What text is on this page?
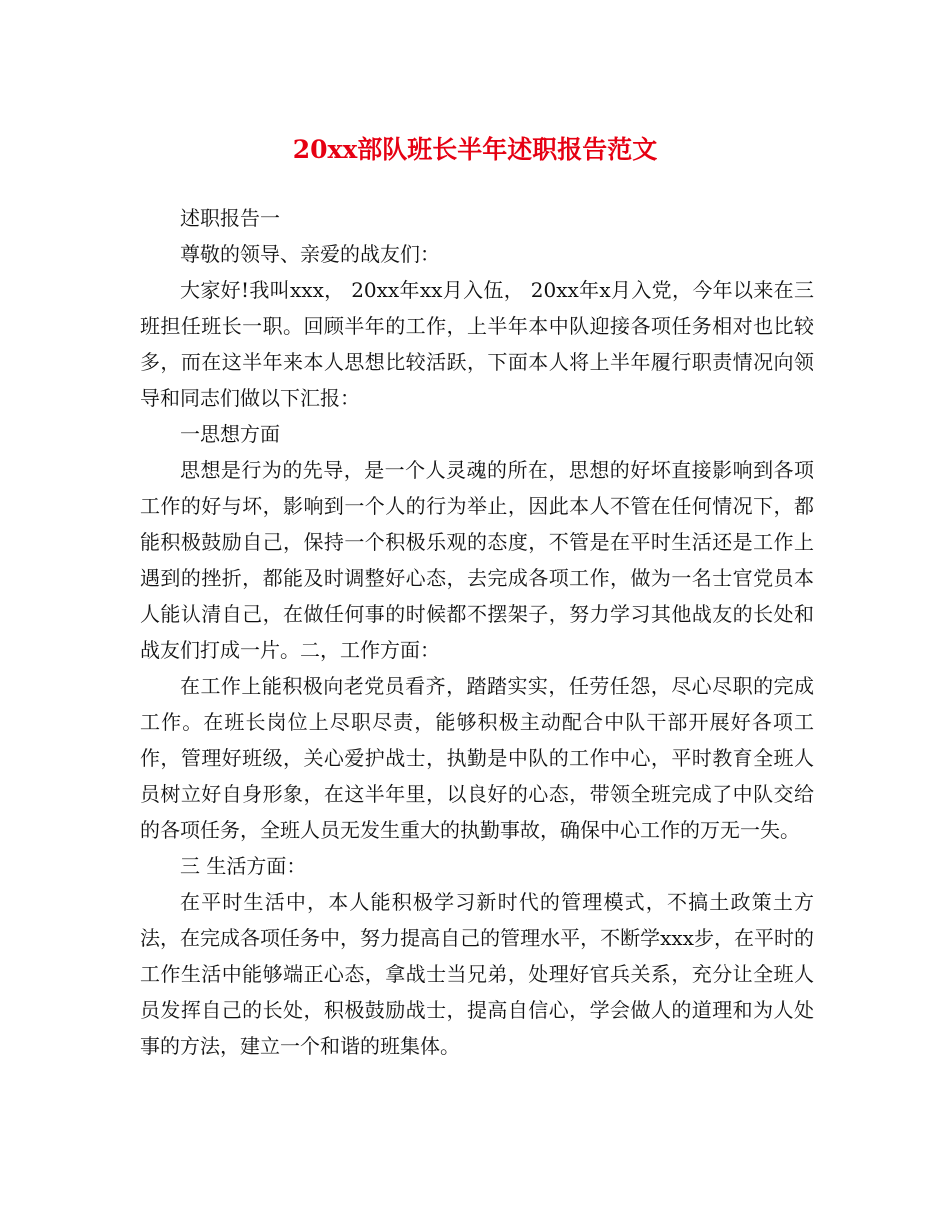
20xx部队班长半年述职报告范文

述职报告一

尊敬的领导、亲爱的战友们：

大家好!我叫xxx， 20xx年xx月入伍， 20xx年x月入党，今年以来在三班担任班长一职。回顾半年的工作，上半年本中队迎接各项任务相对也比较多，而在这半年来本人思想比较活跃，下面本人将上半年履行职责情况向领导和同志们做以下汇报：

一思想方面

思想是行为的先导，是一个人灵魂的所在，思想的好坏直接影响到各项工作的好与坏，影响到一个人的行为举止，因此本人不管在任何情况下，都能积极鼓励自己，保持一个积极乐观的态度，不管是在平时生活还是工作上遇到的挫折，都能及时调整好心态，去完成各项工作，做为一名士官党员本人能认清自己，在做任何事的时候都不摆架子，努力学习其他战友的长处和战友们打成一片。二，工作方面：

在工作上能积极向老党员看齐，踏踏实实，任劳任怨，尽心尽职的完成工作。在班长岗位上尽职尽责，能够积极主动配合中队干部开展好各项工作，管理好班级，关心爱护战士，执勤是中队的工作中心，平时教育全班人员树立好自身形象，在这半年里，以良好的心态，带领全班完成了中队交给的各项任务，全班人员无发生重大的执勤事故，确保中心工作的万无一失。

三 生活方面：

在平时生活中，本人能积极学习新时代的管理模式，不搞土政策土方法，在完成各项任务中，努力提高自己的管理水平，不断学xxx步，在平时的工作生活中能够端正心态，拿战士当兄弟，处理好官兵关系，充分让全班人员发挥自己的长处，积极鼓励战士，提高自信心，学会做人的道理和为人处事的方法，建立一个和谐的班集体。
